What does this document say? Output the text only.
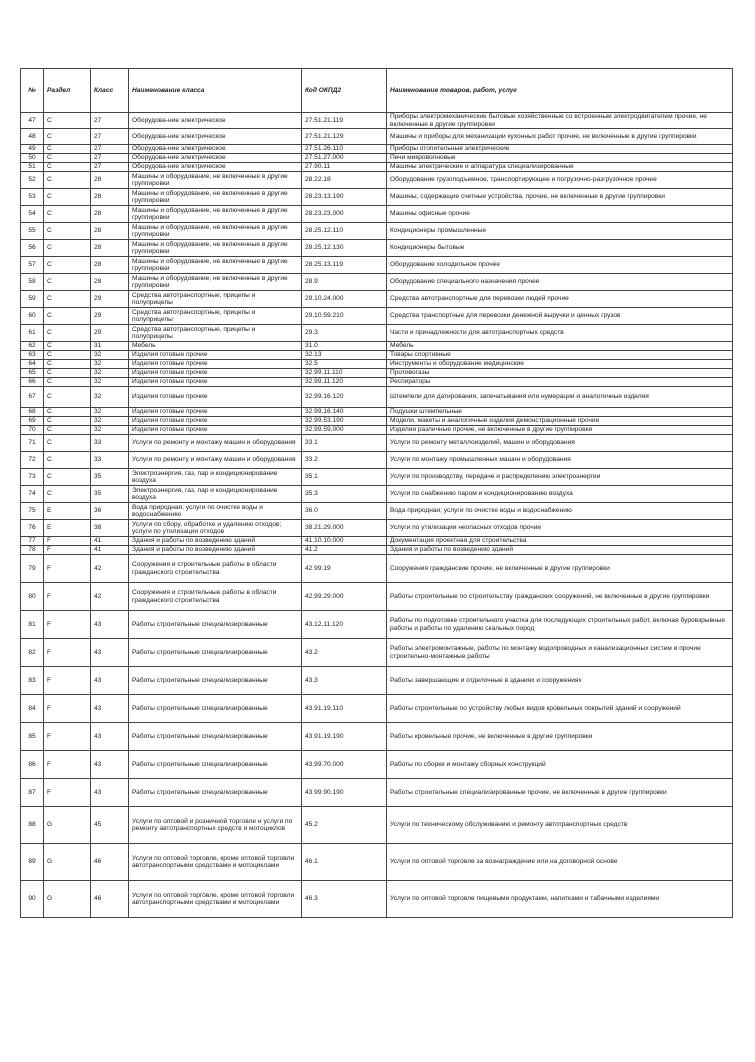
№	Раздел	Класс	Наименование класса	Код ОКПД2	Наименование товаров, работ, услуг
47	C	27	Оборудова-ние электрическое	27.51.21.119	Приборы электромеханические бытовые хозяйственные со встроенным электродвигателем прочие, не включенные в другие группировки
48	C	27	Оборудова-ние электрическое	27.51.21.129	Машины и приборы для механизации кухонных работ прочие, не включенные в другие группировки
49	C	27	Оборудова-ние электрическое	27.51.26.110	Приборы отопительные электрические
50	C	27	Оборудова-ние электрическое	27.51.27.000	Печи микроволновые
51	C	27	Оборудова-ние электрическое	27.90.11	Машины электрические и аппаратура специализированные
52	C	28	Машины и оборудование, не включенные в другие группировки	28.22.18	Оборудование грузоподъемное, транспортирующее и погрузочно-разгрузочное прочее
53	C	28	Машины и оборудование, не включенные в другие группировки	28.23.13.190	Машины, содержащие счетные устройства, прочие, не включенные в другие группировки
54	C	28	Машины и оборудование, не включенные в другие группировки	28.23.23.000	Машины офисные прочие
55	C	28	Машины и оборудование, не включенные в другие группировки	28.25.12.110	Кондиционеры промышленные
56	C	28	Машины и оборудование, не включенные в другие группировки	28.25.12.130	Кондиционеры бытовые
57	C	28	Машины и оборудование, не включенные в другие группировки	28.25.13.119	Оборудование холодильное прочее
58	C	28	Машины и оборудование, не включенные в другие группировки	28.9	Оборудование специального назначения прочее
59	C	29	Средства автотранспортные, прицепы и полуприцепы	29.10.24.000	Средства автотранспортные для перевозки людей прочие
60	C	29	Средства автотранспортные, прицепы и полуприцепы	29.10.59.210	Средства транспортные для перевозки денежной выручки и ценных грузов
61	C	29	Средства автотранспортные, прицепы и полуприцепы	29.3	Части и принадлежности для автотранспортных средств
62	C	31	Мебель	31.0	Мебель
63	C	32	Изделия готовые прочие	32.13	Товары спортивные
64	C	32	Изделия готовые прочие	32.5	Инструменты и оборудование медицинские
65	C	32	Изделия готовые прочие	32.99.11.110	Противогазы
66	C	32	Изделия готовые прочие	32.99.11.120	Респираторы
67	C	32	Изделия готовые прочие	32.99.16.120	Штемпели для датирования, запечатывания или нумерации и аналогичные изделия
68	C	32	Изделия готовые прочие	32.99.16.140	Подушки штемпельные
69	C	32	Изделия готовые прочие	32.99.53.190	Модели, макеты и аналогичные изделия демонстрационные прочие
70	C	32	Изделия готовые прочие	32.99.59.000	Изделия различные прочие, не включенные в другие группировки
71	C	33	Услуги по ремонту и монтажу машин и оборудования	33.1	Услуги по ремонту металлоизделий, машин и оборудования
72	C	33	Услуги по ремонту и монтажу машин и оборудования	33.2	Услуги по монтажу промышленных машин и оборудования
73	C	35	Электроэнергия, газ, пар и кондиционирование воздуха	35.1	Услуги по производству, передаче и распределению электроэнергии
74	C	35	Электроэнергия, газ, пар и кондиционирование воздуха	35.3	Услуги по снабжению паром и кондиционированию воздуха
75	E	36	Вода природная; услуги по очистке воды и водоснабжению	36.0	Вода природная; услуги по очистке воды и водоснабжению
76	E	38	Услуги по сбору, обработке и удалению отходов; услуги по утилизации отходов	38.21.29.000	Услуги по утилизации неопасных отходов прочие
77	F	41	Здания и работы по возведению зданий	41.10.10.000	Документация проектная для строительства
78	F	41	Здания и работы по возведению зданий	41.2	Здания и работы по возведению зданий
79	F	42	Сооружения и строительные работы в области гражданского строительства	42.99.19	Сооружения гражданские прочие, не включенные в другие группировки
80	F	42	Сооружения и строительные работы в области гражданского строительства	42.99.29.000	Работы строительные по строительству гражданских сооружений, не включенные в другие группировки
81	F	43	Работы строительные специализированные	43.12.11.120	Работы по подготовке строительного участка для последующих строительных работ, включая буровзрывные работы и работы по удалению скальных пород
82	F	43	Работы строительные специализированные	43.2	Работы электромонтажные, работы по монтажу водопроводных и канализационных систем и прочие строительно-монтажные работы
83	F	43	Работы строительные специализированные	43.3	Работы завершающие и отделочные в зданиях и сооружениях
84	F	43	Работы строительные специализированные	43.91.19.110	Работы строительные по устройству любых видов кровельных покрытий зданий и сооружений
85	F	43	Работы строительные специализированные	43.91.19.190	Работы кровельные прочие, не включенные в другие группировки
86	F	43	Работы строительные специализированные	43.99.70.000	Работы по сборке и монтажу сборных конструкций
87	F	43	Работы строительные специализированные	43.99.90.190	Работы строительные специализированные прочие, не включенные в другие группировки
88	G	45	Услуги по оптовой и розничной торговле и услуги по ремонту автотранспортных средств и мотоциклов	45.2	Услуги по техническому обслуживанию и ремонту автотранспортных средств
89	G	46	Услуги по оптовой торговле, кроме оптовой торговли автотранспортными средствами и мотоциклами	46.1	Услуги по оптовой торговле за вознаграждение или на договорной основе
90	G	46	Услуги по оптовой торговле, кроме оптовой торговли автотранспортными средствами и мотоциклами	46.3	Услуги по оптовой торговле пищевыми продуктами, напитками и табачными изделиями
